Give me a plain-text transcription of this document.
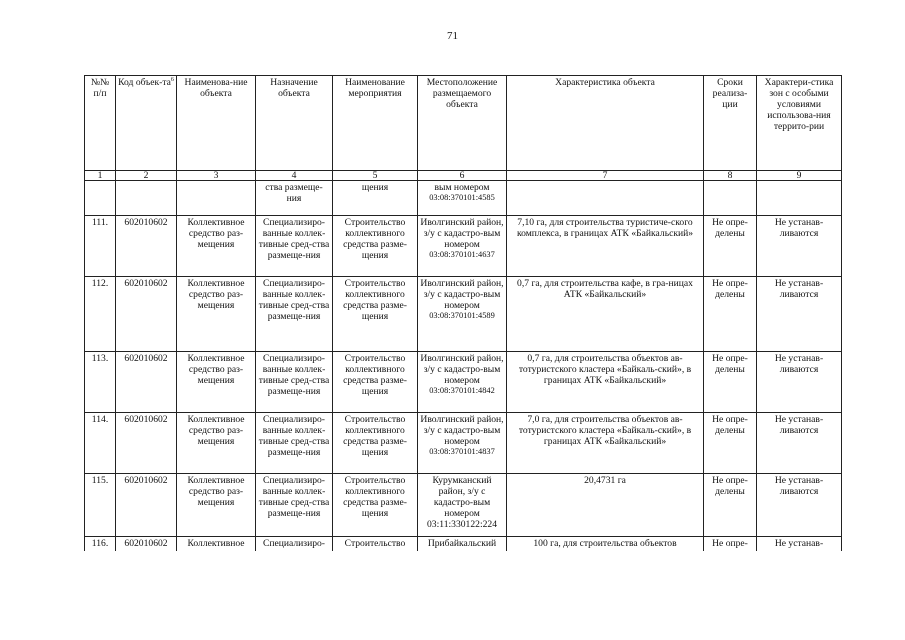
71
№№ п/п	Код объек-$та^6$	Наименова-ние объекта	Назначение объекта	Наименование мероприятия	Местоположение размещаемого объекта	Характеристика объекта	Сроки реализа-ции	Характери-стика зон с особыми условиями использова-ния террито-рии
1	2	3	4	5	6	7	8	9
			ства размеще-ния	щения	вым номером
03:08:370101:4585			

111.	602010602	Коллективное средство раз-мещения	Специализиро-ванные коллек-тивные сред-ства размеще-ния	Строительство коллективного средства разме-щения	Иволгинский район, з/у с кадастро-вым номером
03:08:370101:4637	7,10 га, для строительства туристиче-ского комплекса, в границах АТК «Байкальский»	Не опре-делены	Не устанав-ливаются
112.	602010602	Коллективное средство раз-мещения	Специализиро-ванные коллек-тивные сред-ства размеще-ния	Строительство коллективного средства разме-щения	Иволгинский район, з/у с кадастро-вым номером
03:08:370101:4589	0,7 га, для строительства кафе, в гра-ницах АТК «Байкальский»	Не опре-делены	Не устанав-ливаются
113.	602010602	Коллективное средство раз-мещения	Специализиро-ванные коллек-тивные сред-ства размеще-ния	Строительство коллективного средства разме-щения	Иволгинский район, з/у с кадастро-вым номером
03:08:370101:4842	0,7 га, для строительства объектов ав-тотуристского кластера «Байкаль-ский», в границах АТК «Байкальский»	Не опре-делены	Не устанав-ливаются
114.	602010602	Коллективное средство раз-мещения	Специализиро-ванные коллек-тивные сред-ства размеще-ния	Строительство коллективного средства разме-щения	Иволгинский район, з/у с кадастро-вым номером
03:08:370101:4837	7,0 га, для строительства объектов ав-тотуристского кластера «Байкаль-ский», в границах АТК «Байкальский»	Не опре-делены	Не устанав-ливаются
115.	602010602	Коллективное средство раз-мещения	Специализиро-ванные коллек-тивные сред-ства размеще-ния	Строительство коллективного средства разме-щения	Курумканский район, з/у с кадастро-вым номером
03:11:330122:224	20,4731 га	Не опре-делены	Не устанав-ливаются
116.	602010602	Коллективное	Специализиро-	Строительство	Прибайкальский	100 га, для строительства объектов	Не опре-	Не устанав-
